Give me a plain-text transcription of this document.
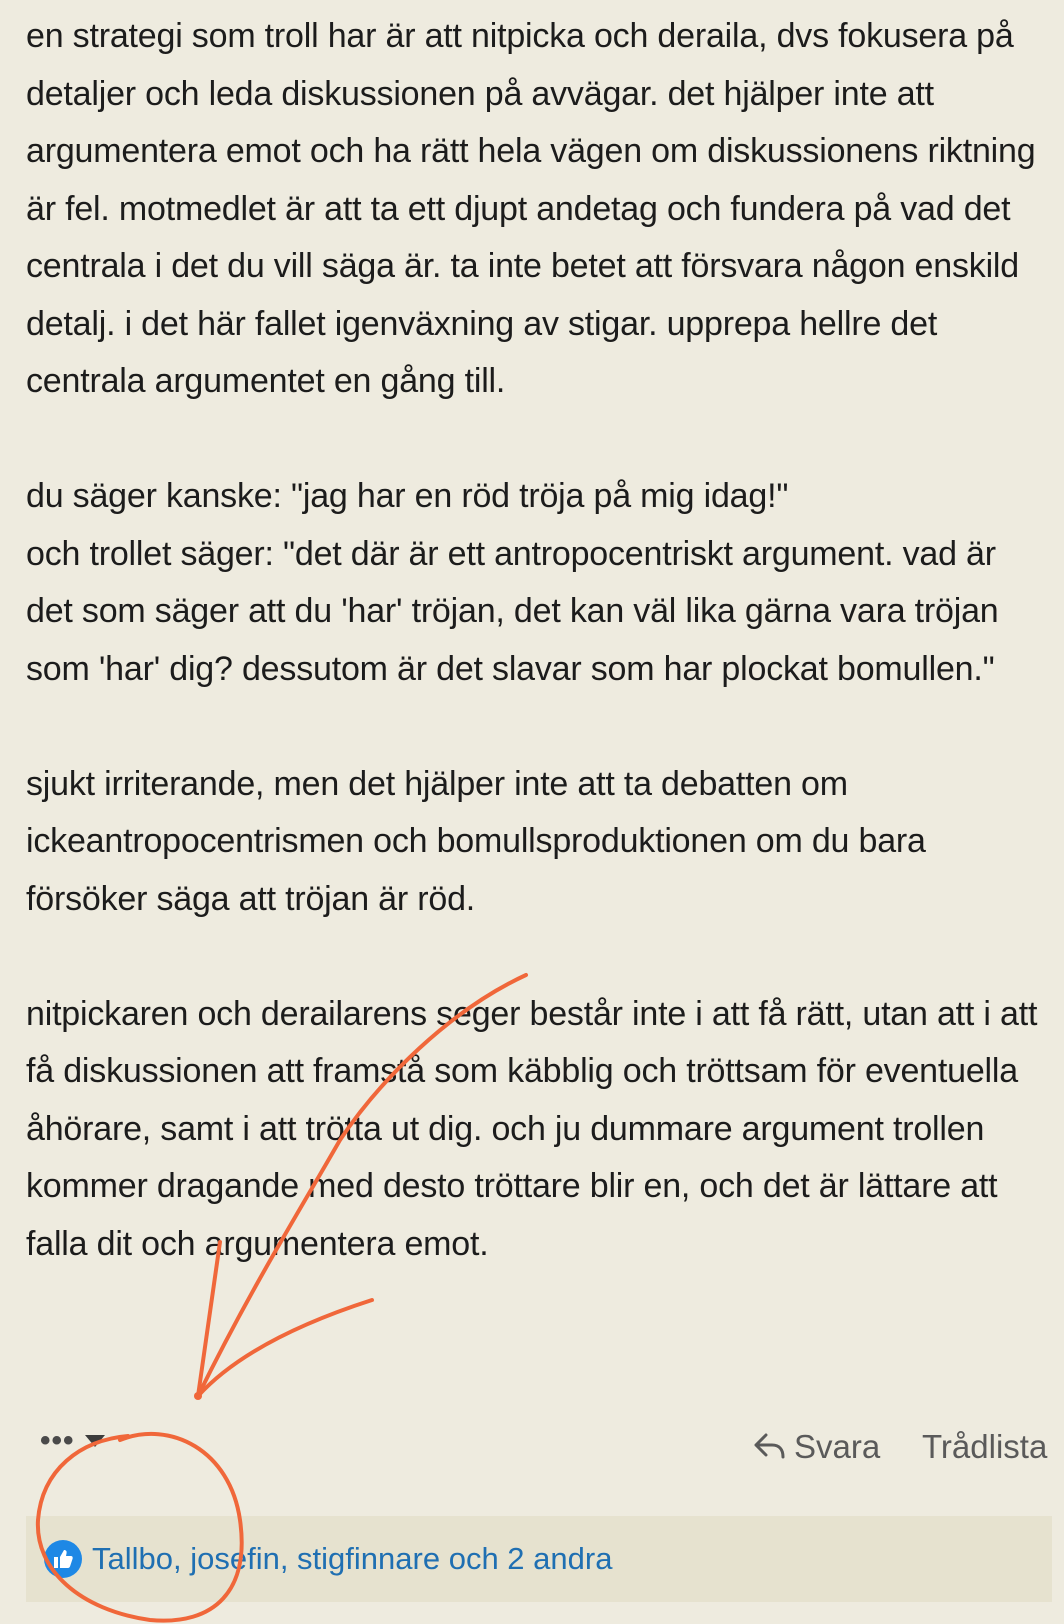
en strategi som troll har är att nitpicka och deraila, dvs fokusera på detaljer och leda diskussionen på avvägar. det hjälper inte att argumentera emot och ha rätt hela vägen om diskussionens riktning är fel. motmedlet är att ta ett djupt andetag och fundera på vad det centrala i det du vill säga är. ta inte betet att försvara någon enskild detalj. i det här fallet igenväxning av stigar. upprepa hellre det centrala argumentet en gång till.

du säger kanske: "jag har en röd tröja på mig idag!"
och trollet säger: "det där är ett antropocentriskt argument. vad är det som säger att du 'har' tröjan, det kan väl lika gärna vara tröjan som 'har' dig? dessutom är det slavar som har plockat bomullen."

sjukt irriterande, men det hjälper inte att ta debatten om ickeantropocentrismen och bomullsproduktionen om du bara försöker säga att tröjan är röd.

nitpickaren och derailarens seger består inte i att få rätt, utan att i att få diskussionen att framstå som käbblig och tröttsam för eventuella åhörare, samt i att trötta ut dig. och ju dummare argument trollen kommer dragande med desto tröttare blir en, och det är lättare att falla dit och argumentera emot.

•••	Svara Trådlista
Tallbo, josefin, stigfinnare och 2 andra
